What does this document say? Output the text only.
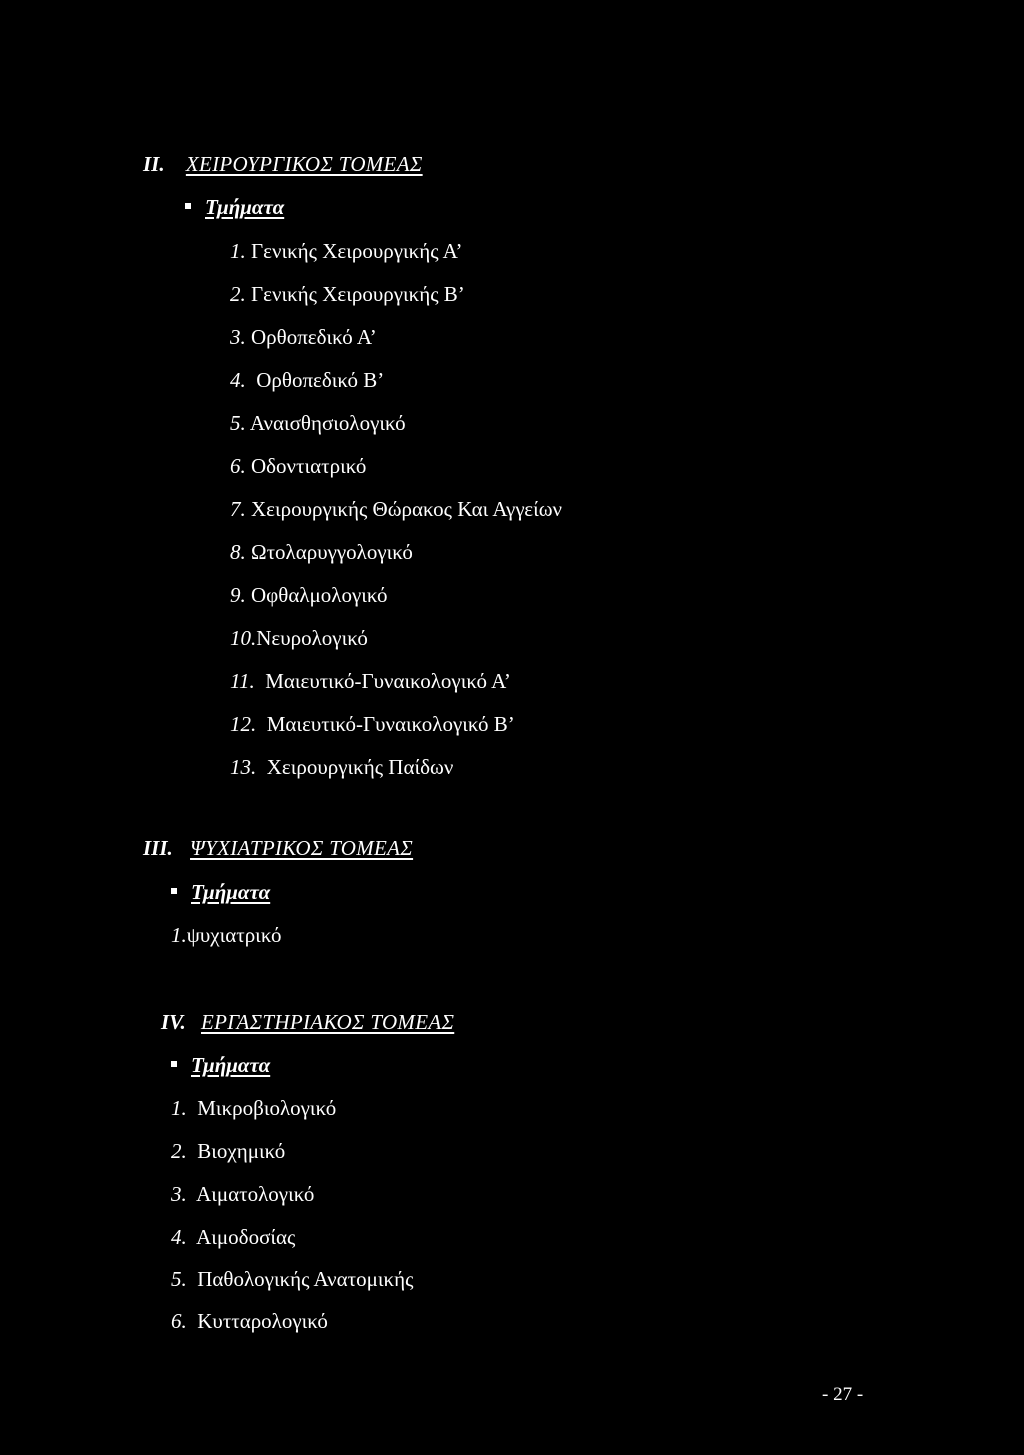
II. ΧΕΙΡΟΥΡΓΙΚΟΣ ΤΟΜΕΑΣ
Τμήματα
1. Γενικής Χειρουργικής Α’
2. Γενικής Χειρουργικής Β’
3. Ορθοπεδικό Α’
4. Ορθοπεδικό Β’
5. Αναισθησιολογικό
6. Οδοντιατρικό
7. Χειρουργικής Θώρακος Και Αγγείων
8. Ωτολαρυγγολογικό
9. Οφθαλμολογικό
10.Νευρολογικό
11. Μαιευτικό-Γυναικολογικό Α’
12. Μαιευτικό-Γυναικολογικό Β’
13. Χειρουργικής Παίδων
III. ΨΥΧΙΑΤΡΙΚΟΣ ΤΟΜΕΑΣ
Τμήματα
1.ψυχιατρικό
IV. ΕΡΓΑΣΤΗΡΙΑΚΟΣ ΤΟΜΕΑΣ
Τμήματα
1. Μικροβιολογικό
2. Βιοχημικό
3. Αιματολογικό
4. Αιμοδοσίας
5. Παθολογικής Ανατομικής
6. Κυτταρολογικό
- 27 -
